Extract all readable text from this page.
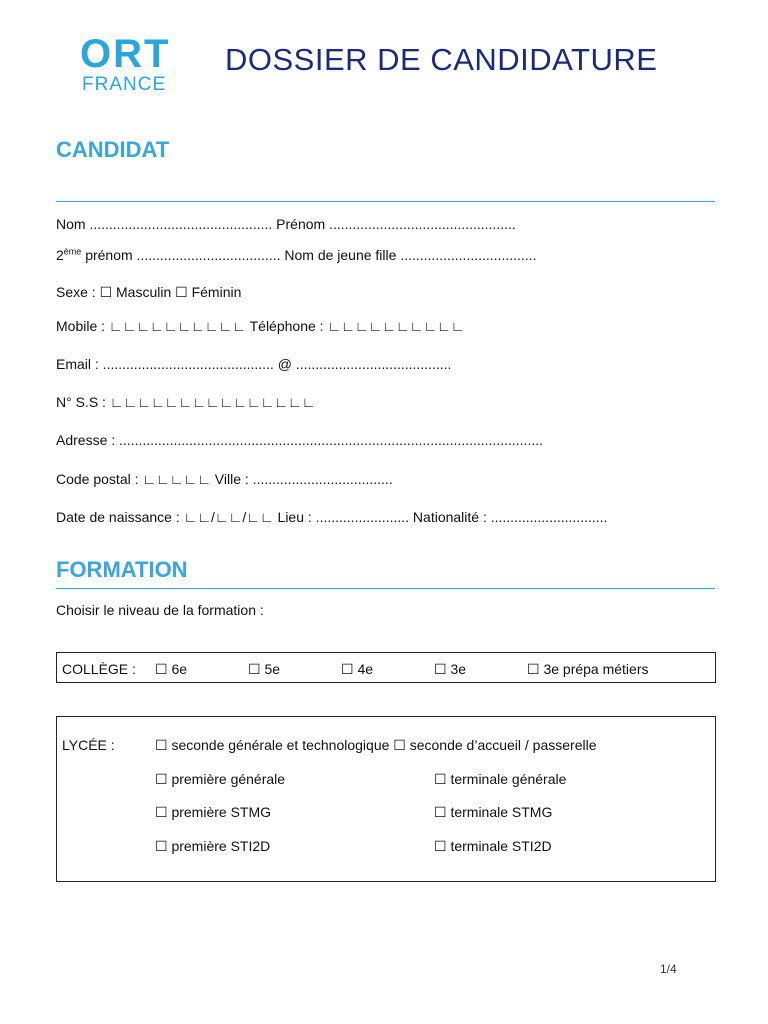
ORT
FRANCE
DOSSIER DE CANDIDATURE
CANDIDAT
Nom ............................................... Prénom ................................................
2ème prénom ..................................... Nom de jeune fille ...................................
Sexe : ☐ Masculin ☐ Féminin
Mobile : ∟∟∟∟∟∟∟∟∟∟ Téléphone : ∟∟∟∟∟∟∟∟∟∟
Email : ............................................ @ ........................................
N° S.S : ∟∟∟∟∟∟∟∟∟∟∟∟∟∟∟
Adresse : .............................................................................................................
Code postal : ∟∟∟∟∟ Ville : ....................................
Date de naissance : ∟∟/∟∟/∟∟ Lieu : ........................ Nationalité : ..............................
FORMATION
Choisir le niveau de la formation :
COLLÈGE : ☐ 6e	☐ 5e	☐ 4e	☐ 3e	☐ 3e prépa métiers
LYCÉE :	☐ seconde générale et technologique ☐ seconde d’accueil / passerelle
☐ première générale	☐ terminale générale
☐ première STMG	☐ terminale STMG
☐ première STI2D	☐ terminale STI2D
1/4
